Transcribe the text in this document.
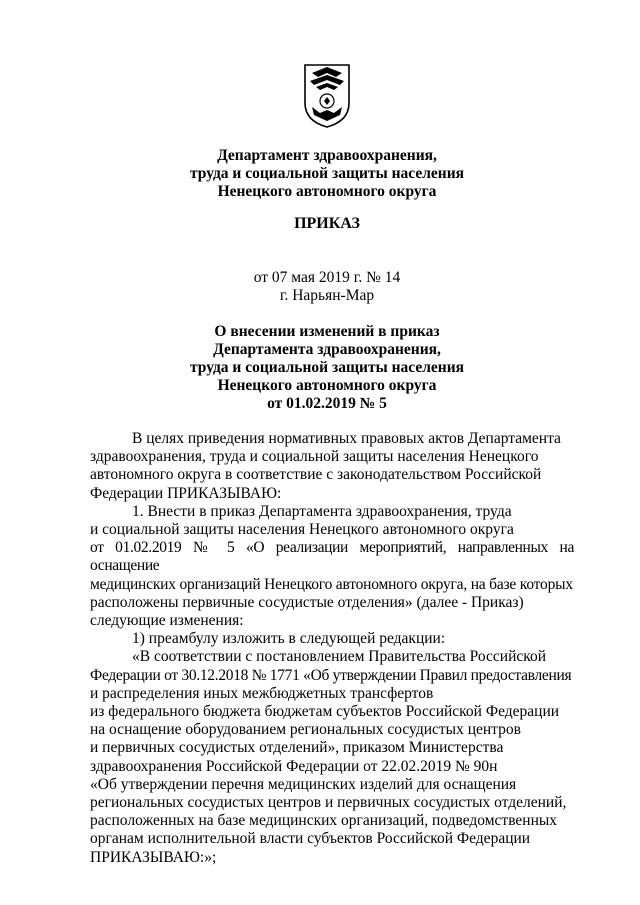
Департамент здравоохранения,
труда и социальной защиты населения
Ненецкого автономного округа
ПРИКАЗ
от 07 мая 2019 г. № 14
г. Нарьян-Мар
О внесении изменений в приказ
Департамента здравоохранения,
труда и социальной защиты населения
Ненецкого автономного округа
от 01.02.2019 № 5

В целях приведения нормативных правовых актов Департамента

здравоохранения, труда и социальной защиты населения Ненецкого

автономного округа в соответствие с законодательством Российской

Федерации ПРИКАЗЫВАЮ:

1. Внести в приказ Департамента здравоохранения, труда

и социальной защиты населения Ненецкого автономного округа

от 01.02.2019 № 5 «О реализации мероприятий, направленных на оснащение

медицинских организаций Ненецкого автономного округа, на базе которых

расположены первичные сосудистые отделения» (далее - Приказ)

следующие изменения:

1) преамбулу изложить в следующей редакции:

«В соответствии с постановлением Правительства Российской

Федерации от 30.12.2018 № 1771 «Об утверждении Правил предоставления

и распределения иных межбюджетных трансфертов

из федерального бюджета бюджетам субъектов Российской Федерации

на оснащение оборудованием региональных сосудистых центров

и первичных сосудистых отделений», приказом Министерства

здравоохранения Российской Федерации от 22.02.2019 № 90н

«Об утверждении перечня медицинских изделий для оснащения

региональных сосудистых центров и первичных сосудистых отделений,

расположенных на базе медицинских организаций, подведомственных

органам исполнительной власти субъектов Российской Федерации

ПРИКАЗЫВАЮ:»;
